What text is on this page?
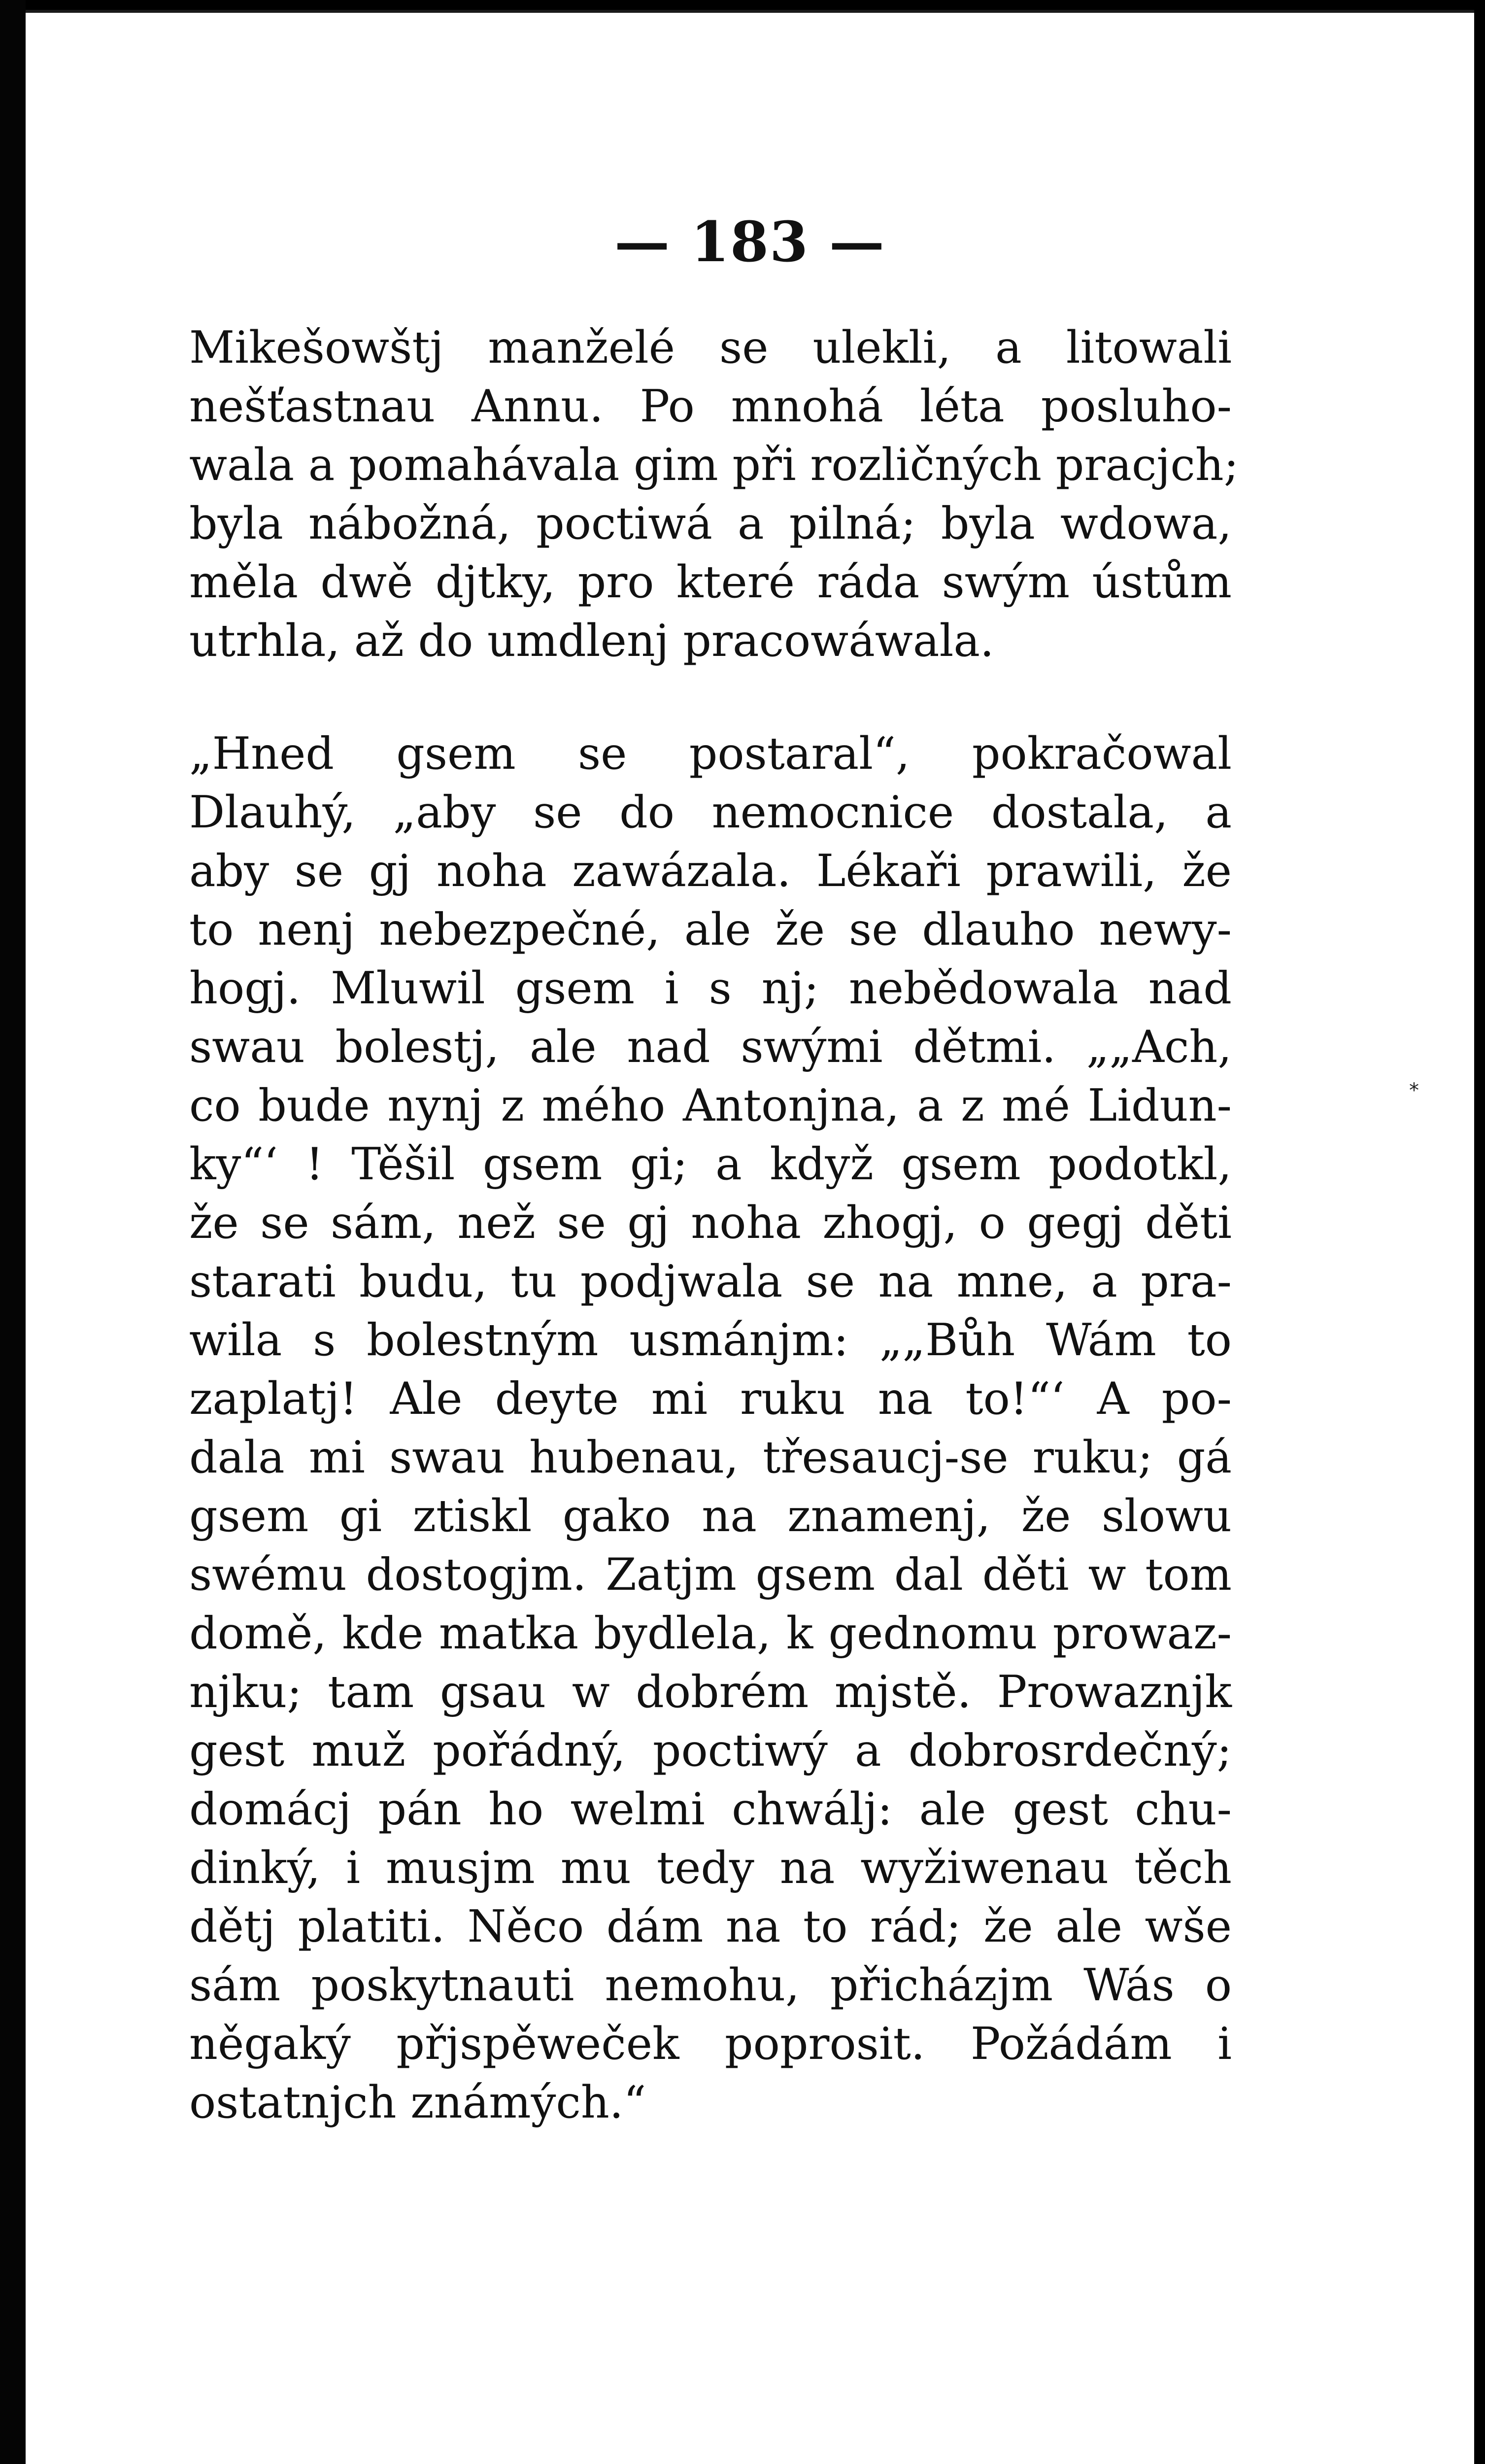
— 183 —
Mikešowštj manželé se ulekli, a litowali
nešťastnau Annu. Po mnohá léta posluho-
wala a pomahávala gim při rozličných pracjch;
byla nábožná, poctiwá a pilná; byla wdowa,
měla dwě djtky, pro které ráda swým ústům
utrhla, až do umdlenj pracowáwala.
„Hned gsem se postaral“, pokračowal
Dlauhý, „aby se do nemocnice dostala, a
aby se gj noha zawázala. Lékaři prawili, že
to nenj nebezpečné, ale že se dlauho newy-
hogj. Mluwil gsem i s nj; nebědowala nad
swau bolestj, ale nad swými dětmi. „„Ach,
co bude nynj z mého Antonjna, a z mé Lidun-
ky“‘ ! Těšil gsem gi; a když gsem podotkl,
že se sám, než se gj noha zhogj, o gegj děti
starati budu, tu podjwala se na mne, a pra-
wila s bolestným usmánjm: „„Bůh Wám to
zaplatj! Ale deyte mi ruku na to!“‘ A po-
dala mi swau hubenau, třesaucj-se ruku; gá
gsem gi ztiskl gako na znamenj, že slowu
swému dostogjm. Zatjm gsem dal děti w tom
domě, kde matka bydlela, k gednomu prowaz-
njku; tam gsau w dobrém mjstě. Prowaznjk
gest muž pořádný, poctiwý a dobrosrdečný;
domácj pán ho welmi chwálj: ale gest chu-
dinký, i musjm mu tedy na wyžiwenau těch
dětj platiti. Něco dám na to rád; že ale wše
sám poskytnauti nemohu, přicházjm Wás o
něgaký přjspěweček poprosit. Požádám i
ostatnjch známých.“
*
